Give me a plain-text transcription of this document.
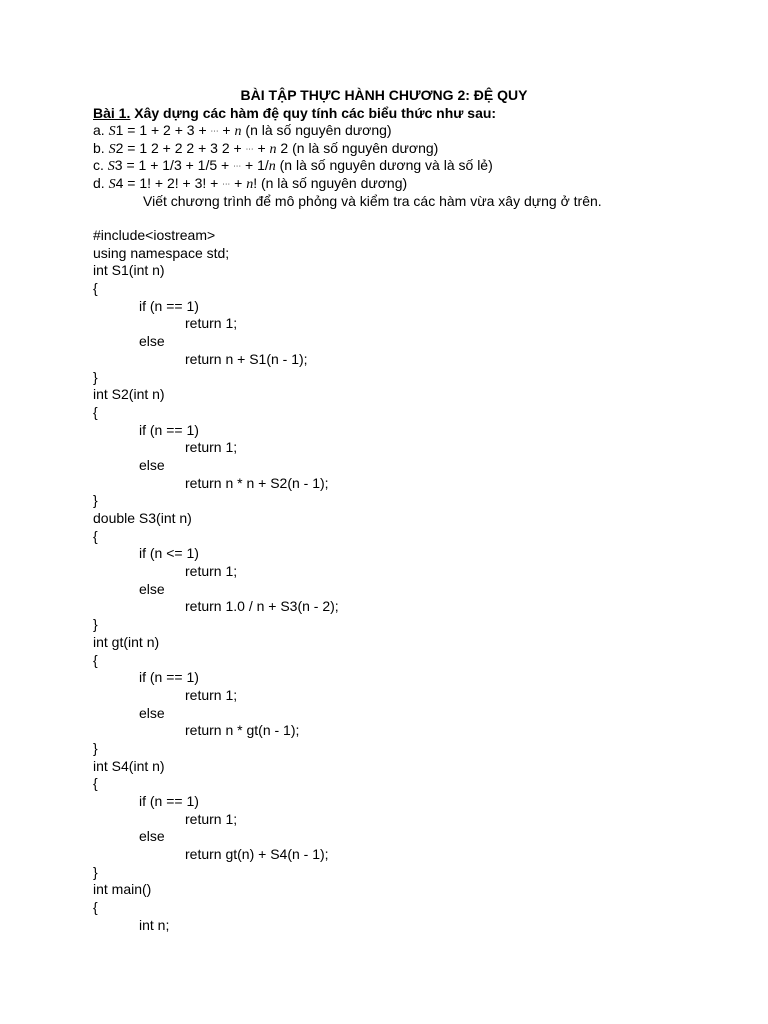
BÀI TẬP THỰC HÀNH CHƯƠNG 2: ĐỆ QUY
Bài 1. Xây dựng các hàm đệ quy tính các biểu thức như sau:
a. S1 = 1 + 2 + 3 + ··· + n (n là số nguyên dương)
b. S2 = 1 2 + 2 2 + 3 2 + ··· + n 2 (n là số nguyên dương)
c. S3 = 1 + 1/3 + 1/5 + ··· + 1/n (n là số nguyên dương và là số lẻ)
d. S4 = 1! + 2! + 3! + ··· + n! (n là số nguyên dương)
Viết chương trình để mô phỏng và kiểm tra các hàm vừa xây dựng ở trên.
#include<iostream>
using namespace std;
int S1(int n)
{
if (n == 1)
return 1;
else
return n + S1(n - 1);
}
int S2(int n)
{
if (n == 1)
return 1;
else
return n * n + S2(n - 1);
}
double S3(int n)
{
if (n <= 1)
return 1;
else
return 1.0 / n + S3(n - 2);
}
int gt(int n)
{
if (n == 1)
return 1;
else
return n * gt(n - 1);
}
int S4(int n)
{
if (n == 1)
return 1;
else
return gt(n) + S4(n - 1);
}
int main()
{
int n;
